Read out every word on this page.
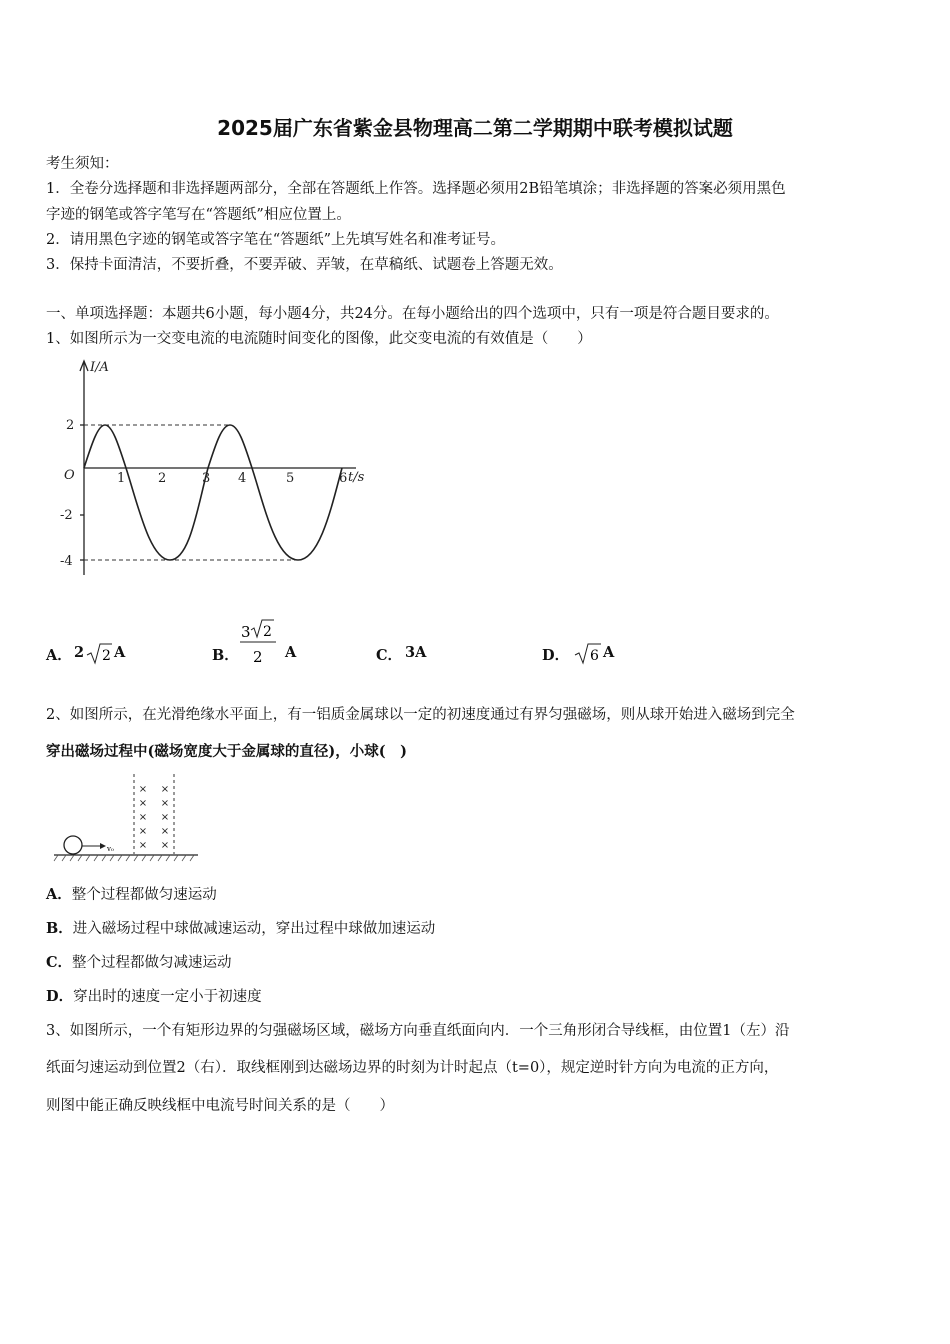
2025届广东省紫金县物理高二第二学期期中联考模拟试题
考生须知：
1．全卷分选择题和非选择题两部分，全部在答题纸上作答。选择题必须用2B铅笔填涂；非选择题的答案必须用黑色
字迹的钢笔或答字笔写在“答题纸”相应位置上。
2．请用黑色字迹的钢笔或答字笔在“答题纸”上先填写姓名和准考证号。
3．保持卡面清洁，不要折叠，不要弄破、弄皱，在草稿纸、试题卷上答题无效。
一、单项选择题：本题共6小题，每小题4分，共24分。在每小题给出的四个选项中，只有一项是符合题目要求的。
1、如图所示为一交变电流的电流随时间变化的图像，此交变电流的有效值是（　　）
I/A
t/s
O
2
-2
-4
1	2	3 4	5	6
A． 2 2 A	B．
3 2
2 A	C． 3A	D． 6 A
2、如图所示，在光滑绝缘水平面上，有一铝质金属球以一定的初速度通过有界匀强磁场，则从球开始进入磁场到完全
穿出磁场过程中(磁场宽度大于金属球的直径)，小球(　)
× ×
× ×
× ×
× ×
× ×
v₀
A．整个过程都做匀速运动
B．进入磁场过程中球做减速运动，穿出过程中球做加速运动
C．整个过程都做匀减速运动
D．穿出时的速度一定小于初速度
3、如图所示，一个有矩形边界的匀强磁场区域，磁场方向垂直纸面向内．一个三角形闭合导线框，由位置1（左）沿
纸面匀速运动到位置2（右）．取线框刚到达磁场边界的时刻为计时起点（t=0），规定逆时针方向为电流的正方向，
则图中能正确反映线框中电流号时间关系的是（　　）
